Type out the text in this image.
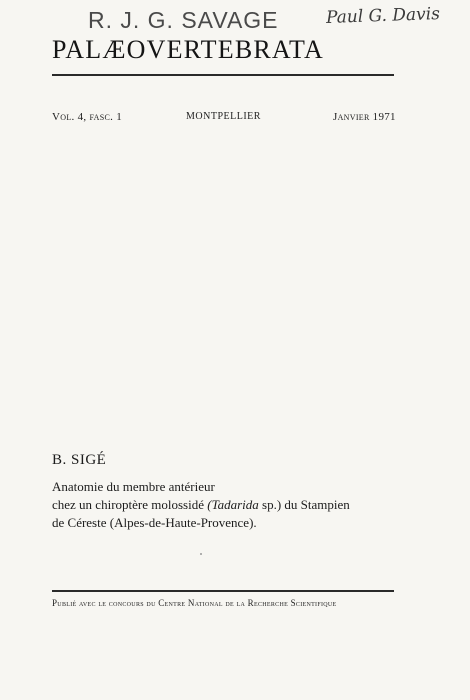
R. J. G. SAVAGE	Paul G. Davis
PALÆOVERTEBRATA
Vol. 4, fasc. 1	MONTPELLIER	Janvier 1971
B. SIGÉ
Anatomie du membre antérieur
chez un chiroptère molossidé (Tadarida sp.) du Stampien
de Céreste (Alpes-de-Haute-Provence).
Publié avec le concours du Centre National de la Recherche Scientifique
